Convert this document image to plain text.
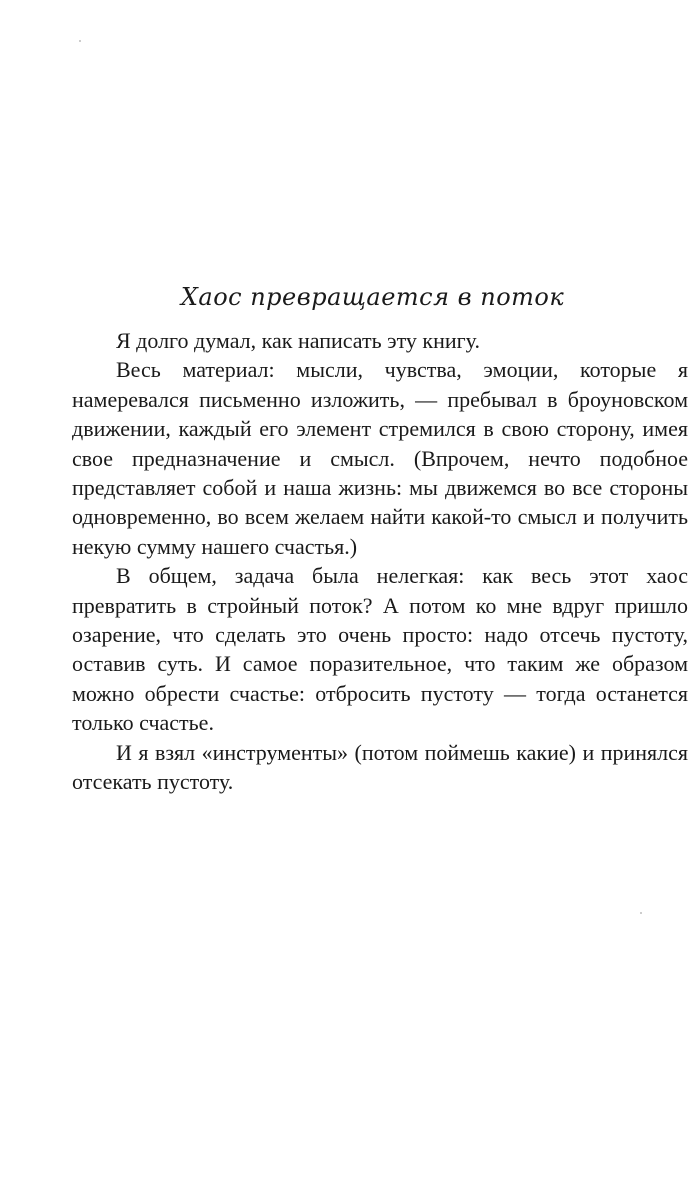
Хаос превращается в поток

Я долго думал, как написать эту книгу.

Весь материал: мысли, чувства, эмоции, которые я намеревался письменно изложить, — пребывал в броуновском движении, каждый его элемент стремился в свою сторону, имея свое предназначение и смысл. (Впрочем, нечто подобное представляет собой и наша жизнь: мы движемся во все стороны одновременно, во всем желаем найти какой-то смысл и получить некую сумму нашего счастья.)

В общем, задача была нелегкая: как весь этот хаос превратить в стройный поток? А потом ко мне вдруг пришло озарение, что сделать это очень просто: надо отсечь пустоту, оставив суть. И самое поразительное, что таким же образом можно обрести счастье: отбросить пустоту — тогда останется только счастье.

И я взял «инструменты» (потом поймешь какие) и принялся отсекать пустоту.
